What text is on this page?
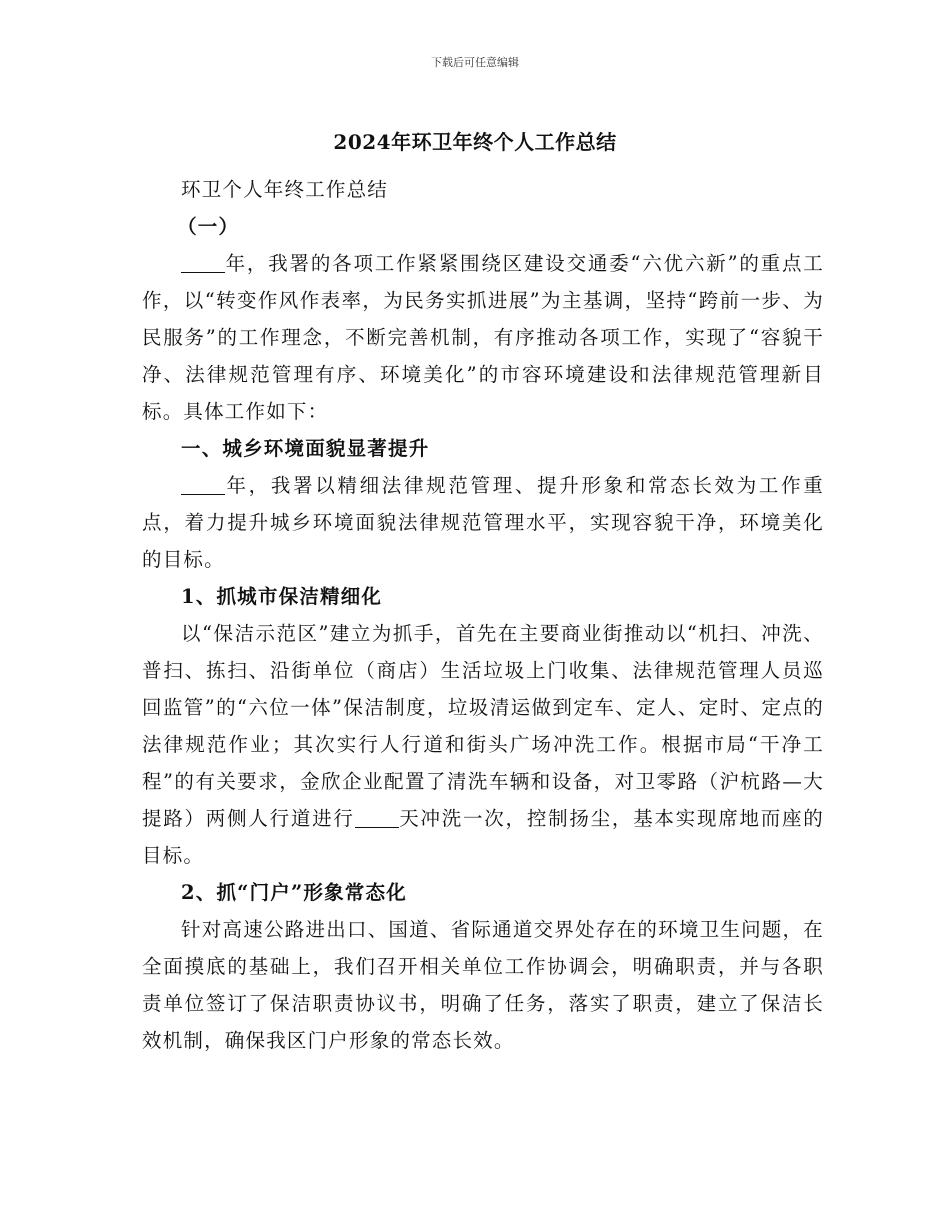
下载后可任意编辑
2024年环卫年终个人工作总结

环卫个人年终工作总结

（一）

年，我署的各项工作紧紧围绕区建设交通委“六优六新”的重点工作，以“转变作风作表率，为民务实抓进展”为主基调，坚持“跨前一步、为民服务”的工作理念，不断完善机制，有序推动各项工作，实现了“容貌干净、法律规范管理有序、环境美化”的市容环境建设和法律规范管理新目标。具体工作如下：

一、城乡环境面貌显著提升

年，我署以精细法律规范管理、提升形象和常态长效为工作重点，着力提升城乡环境面貌法律规范管理水平，实现容貌干净，环境美化的目标。

1、抓城市保洁精细化

以“保洁示范区”建立为抓手，首先在主要商业街推动以“机扫、冲洗、普扫、拣扫、沿街单位（商店）生活垃圾上门收集、法律规范管理人员巡回监管”的“六位一体”保洁制度，垃圾清运做到定车、定人、定时、定点的法律规范作业；其次实行人行道和街头广场冲洗工作。根据市局“干净工程”的有关要求，金欣企业配置了清洗车辆和设备，对卫零路（沪杭路—大提路）两侧人行道进行 天冲洗一次，控制扬尘，基本实现席地而座的目标。

2、抓“门户”形象常态化

针对高速公路进出口、国道、省际通道交界处存在的环境卫生问题，在全面摸底的基础上，我们召开相关单位工作协调会，明确职责，并与各职责单位签订了保洁职责协议书，明确了任务，落实了职责，建立了保洁长效机制，确保我区门户形象的常态长效。
